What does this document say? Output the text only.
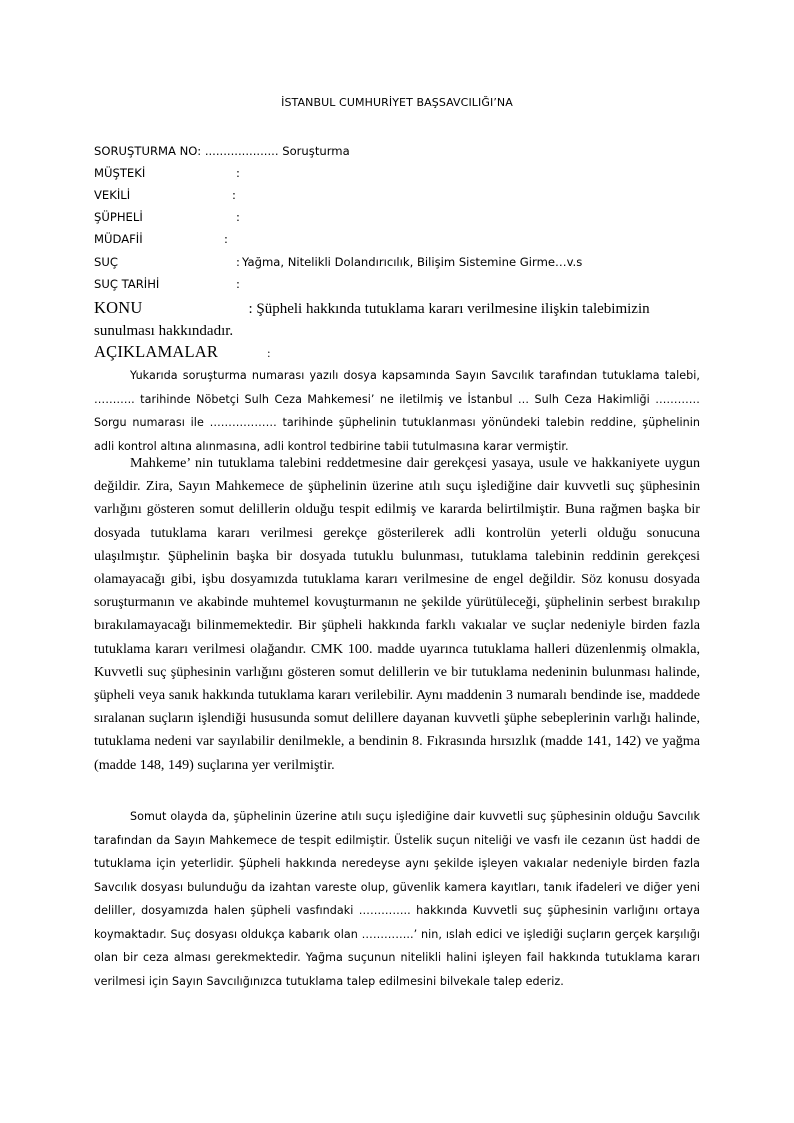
İSTANBUL CUMHURİYET BAŞSAVCILIĞI’NA
SORUŞTURMA NO: .................... Soruşturma
MÜŞTEKİ	:
VEKİLİ	:
ŞÜPHELİ	:
MÜDAFİİ	:
SUÇ	: Yağma, Nitelikli Dolandırıcılık, Bilişim Sistemine Girme…v.s
SUÇ TARİHİ	:
KONU	: Şüpheli hakkında tutuklama kararı verilmesine ilişkin talebimizin sunulması hakkındadır.
AÇIKLAMALAR	:

Yukarıda soruşturma numarası yazılı dosya kapsamında Sayın Savcılık tarafından tutuklama talebi, ……….. tarihinde Nöbetçi Sulh Ceza Mahkemesi’ ne iletilmiş ve İstanbul … Sulh Ceza Hakimliği ………… Sorgu numarası ile ……………… tarihinde şüphelinin tutuklanması yönündeki talebin reddine, şüphelinin adli kontrol altına alınmasına, adli kontrol tedbirine tabii tutulmasına karar vermiştir.

Mahkeme’ nin tutuklama talebini reddetmesine dair gerekçesi yasaya, usule ve hakkaniyete uygun değildir. Zira, Sayın Mahkemece de şüphelinin üzerine atılı suçu işlediğine dair kuvvetli suç şüphesinin varlığını gösteren somut delillerin olduğu tespit edilmiş ve kararda belirtilmiştir. Buna rağmen başka bir dosyada tutuklama kararı verilmesi gerekçe gösterilerek adli kontrolün yeterli olduğu sonucuna ulaşılmıştır. Şüphelinin başka bir dosyada tutuklu bulunması, tutuklama talebinin reddinin gerekçesi olamayacağı gibi, işbu dosyamızda tutuklama kararı verilmesine de engel değildir. Söz konusu dosyada soruşturmanın ve akabinde muhtemel kovuşturmanın ne şekilde yürütüleceği, şüphelinin serbest bırakılıp bırakılamayacağı bilinmemektedir. Bir şüpheli hakkında farklı vakıalar ve suçlar nedeniyle birden fazla tutuklama kararı verilmesi olağandır. CMK 100. madde uyarınca tutuklama halleri düzenlenmiş olmakla, Kuvvetli suç şüphesinin varlığını gösteren somut delillerin ve bir tutuklama nedeninin bulunması halinde, şüpheli veya sanık hakkında tutuklama kararı verilebilir. Aynı maddenin 3 numaralı bendinde ise, maddede sıralanan suçların işlendiği hususunda somut delillere dayanan kuvvetli şüphe sebeplerinin varlığı halinde, tutuklama nedeni var sayılabilir denilmekle, a bendinin 8. Fıkrasında hırsızlık (madde 141, 142) ve yağma (madde 148, 149) suçlarına yer verilmiştir.

Somut olayda da, şüphelinin üzerine atılı suçu işlediğine dair kuvvetli suç şüphesinin olduğu Savcılık tarafından da Sayın Mahkemece de tespit edilmiştir. Üstelik suçun niteliği ve vasfı ile cezanın üst haddi de tutuklama için yeterlidir. Şüpheli hakkında neredeyse aynı şekilde işleyen vakıalar nedeniyle birden fazla Savcılık dosyası bulunduğu da izahtan vareste olup, güvenlik kamera kayıtları, tanık ifadeleri ve diğer yeni deliller, dosyamızda halen şüpheli vasfındaki ………….. hakkında Kuvvetli suç şüphesinin varlığını ortaya koymaktadır. Suç dosyası oldukça kabarık olan …………..’ nin, ıslah edici ve işlediği suçların gerçek karşılığı olan bir ceza alması gerekmektedir. Yağma suçunun nitelikli halini işleyen fail hakkında tutuklama kararı verilmesi için Sayın Savcılığınızca tutuklama talep edilmesini bilvekale talep ederiz.
